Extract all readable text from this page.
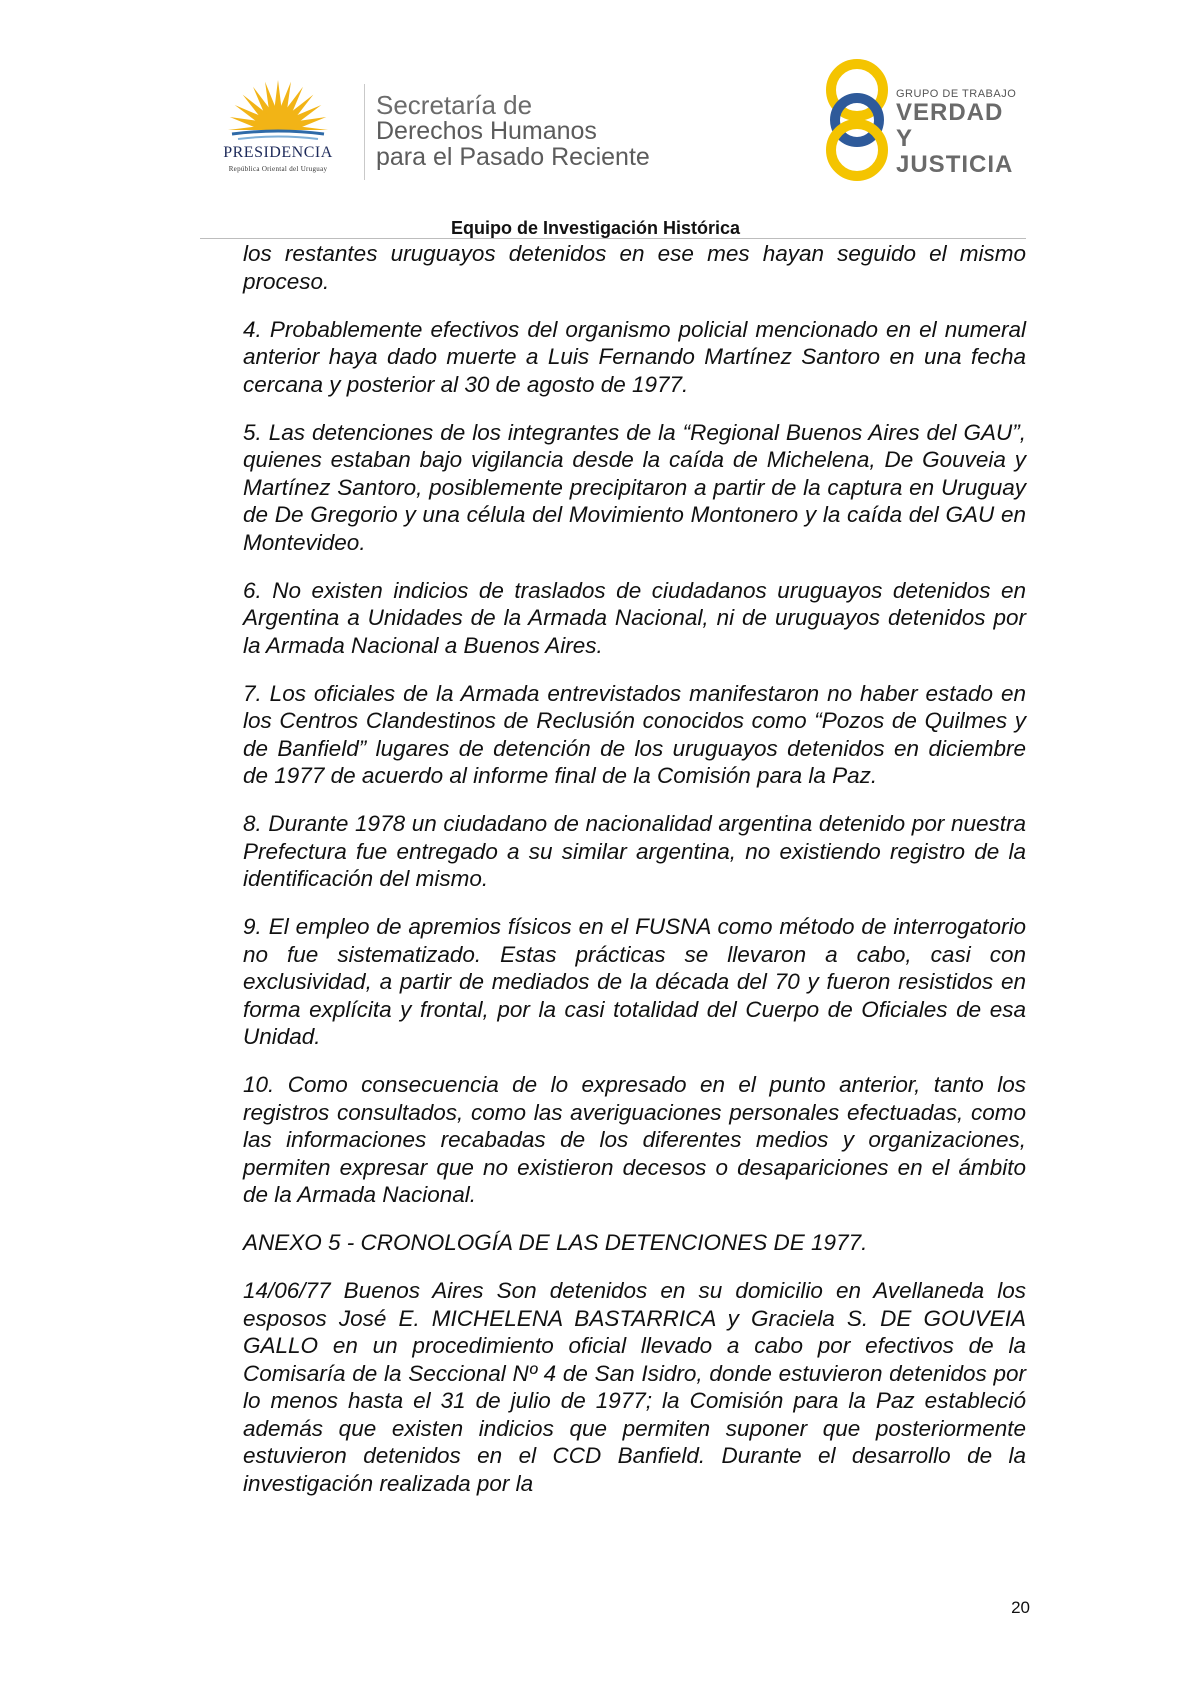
PRESIDENCIA
República Oriental del Uruguay
Secretaría de
Derechos Humanos
para el Pasado Reciente
GRUPO DE TRABAJO
VERDAD Y
JUSTICIA
Equipo de Investigación Histórica

los restantes uruguayos detenidos en ese mes hayan seguido el mismo proceso.

4. Probablemente efectivos del organismo policial mencionado en el numeral anterior haya dado muerte a Luis Fernando Martínez Santoro en una fecha cercana y posterior al 30 de agosto de 1977.

5. Las detenciones de los integrantes de la “Regional Buenos Aires del GAU”, quienes estaban bajo vigilancia desde la caída de Michelena, De Gouveia y Martínez Santoro, posiblemente precipitaron a partir de la captura en Uruguay de De Gregorio y una célula del Movimiento Montonero y la caída del GAU en Montevideo.

6. No existen indicios de traslados de ciudadanos uruguayos detenidos en Argentina a Unidades de la Armada Nacional, ni de uruguayos detenidos por la Armada Nacional a Buenos Aires.

7. Los oficiales de la Armada entrevistados manifestaron no haber estado en los Centros Clandestinos de Reclusión conocidos como “Pozos de Quilmes y de Banfield” lugares de detención de los uruguayos detenidos en diciembre de 1977 de acuerdo al informe final de la Comisión para la Paz.

8. Durante 1978 un ciudadano de nacionalidad argentina detenido por nuestra Prefectura fue entregado a su similar argentina, no existiendo registro de la identificación del mismo.

9. El empleo de apremios físicos en el FUSNA como método de interrogatorio no fue sistematizado. Estas prácticas se llevaron a cabo, casi con exclusividad, a partir de mediados de la década del 70 y fueron resistidos en forma explícita y frontal, por la casi totalidad del Cuerpo de Oficiales de esa Unidad.

10. Como consecuencia de lo expresado en el punto anterior, tanto los registros consultados, como las averiguaciones personales efectuadas, como las informaciones recabadas de los diferentes medios y organizaciones, permiten expresar que no existieron decesos o desapariciones en el ámbito de la Armada Nacional.

ANEXO 5 - CRONOLOGÍA DE LAS DETENCIONES DE 1977.

14/06/77 Buenos Aires Son detenidos en su domicilio en Avellaneda los esposos José E. MICHELENA BASTARRICA y Graciela S. DE GOUVEIA GALLO en un procedimiento oficial llevado a cabo por efectivos de la Comisaría de la Seccional Nº 4 de San Isidro, donde estuvieron detenidos por lo menos hasta el 31 de julio de 1977; la Comisión para la Paz estableció además que existen indicios que permiten suponer que posteriormente estuvieron detenidos en el CCD Banfield. Durante el desarrollo de la investigación realizada por la

20
